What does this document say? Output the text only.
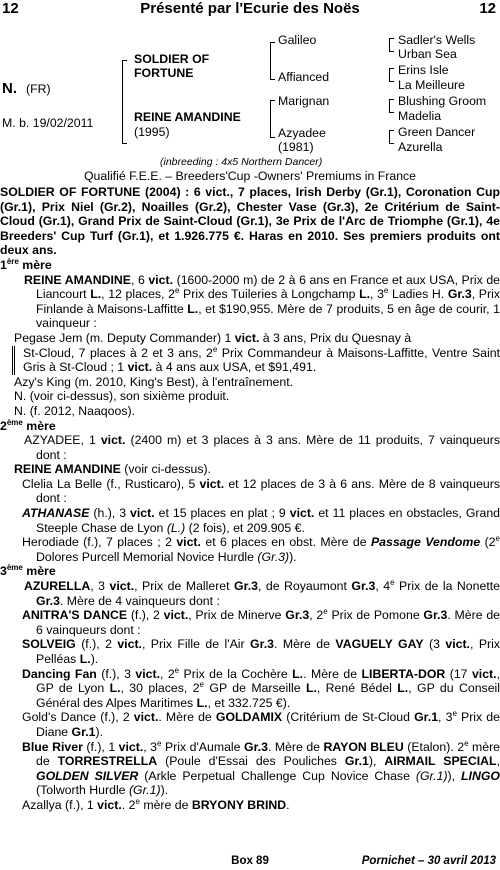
12	Présenté par l'Ecurie des Noës	12
N. (FR)
M. b. 19/02/2011
SOLDIER OF FORTUNE
REINE AMANDINE
(1995)
Galileo
Affianced
Marignan
Azyadee
(1981)
Sadler's Wells
Urban Sea
Erins Isle
La Meilleure
Blushing Groom
Madelia
Green Dancer
Azurella
(inbreeding : 4x5 Northern Dancer)
Qualifié F.E.E. – Breeders'Cup -Owners' Premiums in France

SOLDIER OF FORTUNE (2004) : 6 vict., 7 places, Irish Derby (Gr.1), Coronation Cup (Gr.1), Prix Niel (Gr.2), Noailles (Gr.2), Chester Vase (Gr.3), 2e Critérium de Saint-Cloud (Gr.1), Grand Prix de Saint-Cloud (Gr.1), 3e Prix de l'Arc de Triomphe (Gr.1), 4e Breeders' Cup Turf (Gr.1), et 1.926.775 €. Haras en 2010. Ses premiers produits ont deux ans.

1ère mère

REINE AMANDINE, 6 vict. (1600-2000 m) de 2 à 6 ans en France et aux USA, Prix de Liancourt L., 12 places, 2e Prix des Tuileries à Longchamp L., 3e Ladies H. Gr.3, Prix Finlande à Maisons-Laffitte L., et $190,955. Mère de 7 produits, 5 en âge de courir, 1 vainqueur :

Pegase Jem (m. Deputy Commander) 1 vict. à 3 ans, Prix du Quesnay à

St-Cloud, 7 places à 2 et 3 ans, 2e Prix Commandeur à Maisons-Laffitte, Ventre Saint Gris à St-Cloud ; 1 vict. à 4 ans aux USA, et $91,491.

Azy's King (m. 2010, King's Best), à l'entraînement.

N. (voir ci-dessus), son sixième produit.

N. (f. 2012, Naaqoos).

2ème mère

AZYADEE, 1 vict. (2400 m) et 3 places à 3 ans. Mère de 11 produits, 7 vainqueurs dont :

REINE AMANDINE (voir ci-dessus).

Clelia La Belle (f., Rusticaro), 5 vict. et 12 places de 3 à 6 ans. Mère de 8 vainqueurs dont :

ATHANASE (h.), 3 vict. et 15 places en plat ; 9 vict. et 11 places en obstacles, Grand Steeple Chase de Lyon (L.) (2 fois), et 209.905 €.

Herodiade (f.), 7 places ; 2 vict. et 6 places en obst. Mère de Passage Vendome (2e Dolores Purcell Memorial Novice Hurdle (Gr.3)).

3ème mère

AZURELLA, 3 vict., Prix de Malleret Gr.3, de Royaumont Gr.3, 4e Prix de la Nonette Gr.3. Mère de 4 vainqueurs dont :

ANITRA'S DANCE (f.), 2 vict., Prix de Minerve Gr.3, 2e Prix de Pomone Gr.3. Mère de 6 vainqueurs dont :

SOLVEIG (f.), 2 vict., Prix Fille de l'Air Gr.3. Mère de VAGUELY GAY (3 vict., Prix Pelléas L.).

Dancing Fan (f.), 3 vict., 2e Prix de la Cochère L.. Mère de LIBERTA-DOR (17 vict., GP de Lyon L., 30 places, 2e GP de Marseille L., René Bédel L., GP du Conseil Général des Alpes Maritimes L., et 332.725 €).

Gold's Dance (f.), 2 vict.. Mère de GOLDAMIX (Critérium de St-Cloud Gr.1, 3e Prix de Diane Gr.1).

Blue River (f.), 1 vict., 3e Prix d'Aumale Gr.3. Mère de RAYON BLEU (Etalon). 2e mère de TORRESTRELLA (Poule d'Essai des Pouliches Gr.1), AIRMAIL SPECIAL, GOLDEN SILVER (Arkle Perpetual Challenge Cup Novice Chase (Gr.1)), LINGO (Tolworth Hurdle (Gr.1)).

Azallya (f.), 1 vict.. 2e mère de BRYONY BRIND.

Box 89	Pornichet – 30 avril 2013
